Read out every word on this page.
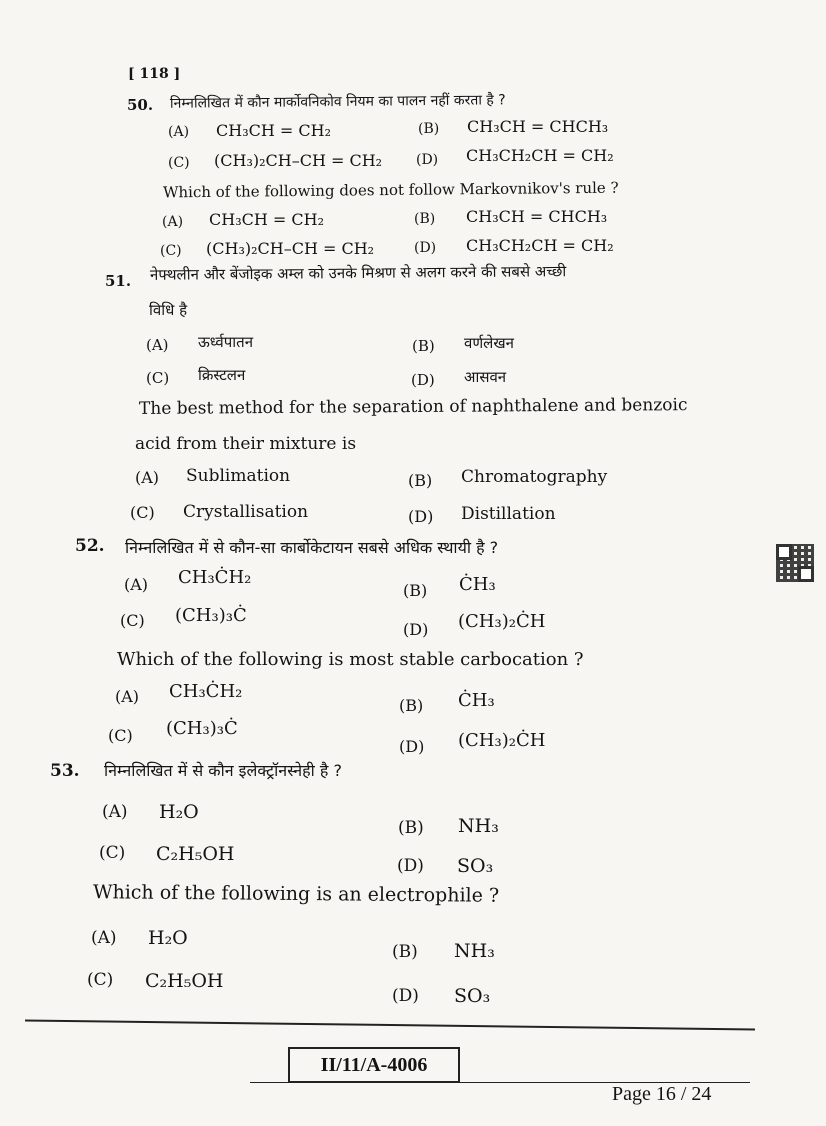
[ 118 ]
50. निम्नलिखित में कौन मार्कोवनिकोव नियम का पालन नहीं करता है ?
(A) CH₃CH = CH₂	(B) CH₃CH = CHCH₃
(C) (CH₃)₂CH–CH = CH₂ (D) CH₃CH₂CH = CH₂
Which of the following does not follow Markovnikov's rule ?
(A) CH₃CH = CH₂	(B) CH₃CH = CHCH₃
(C) (CH₃)₂CH–CH = CH₂	(D) CH₃CH₂CH = CH₂
51. नेफ्थलीन और बेंजोइक अम्ल को उनके मिश्रण से अलग करने की सबसे अच्छी
विधि है
(A) ऊर्ध्वपातन	(B) वर्णलेखन
(C) क्रिस्टलन	(D) आसवन
The best method for the separation of naphthalene and benzoic
acid from their mixture is
(A) Sublimation	(B) Chromatography
(C) Crystallisation	(D) Distillation
52. निम्नलिखित में से कौन-सा कार्बोकेटायन सबसे अधिक स्थायी है ?
(A) CH₃ĊH₂
(B) ĊH₃
(C) (CH₃)₃Ċ
(D) (CH₃)₂ĊH
Which of the following is most stable carbocation ?
(A) CH₃ĊH₂
(B) ĊH₃
(C) (CH₃)₃Ċ
(D) (CH₃)₂ĊH
53. निम्नलिखित में से कौन इलेक्ट्रॉनस्नेही है ?
(A) H₂O
(B) NH₃
(C) C₂H₅OH
(D) SO₃
Which of the following is an electrophile ?
(A) H₂O
(B) NH₃
(C) C₂H₅OH
(D) SO₃
II/11/A-4006
Page 16 / 24
